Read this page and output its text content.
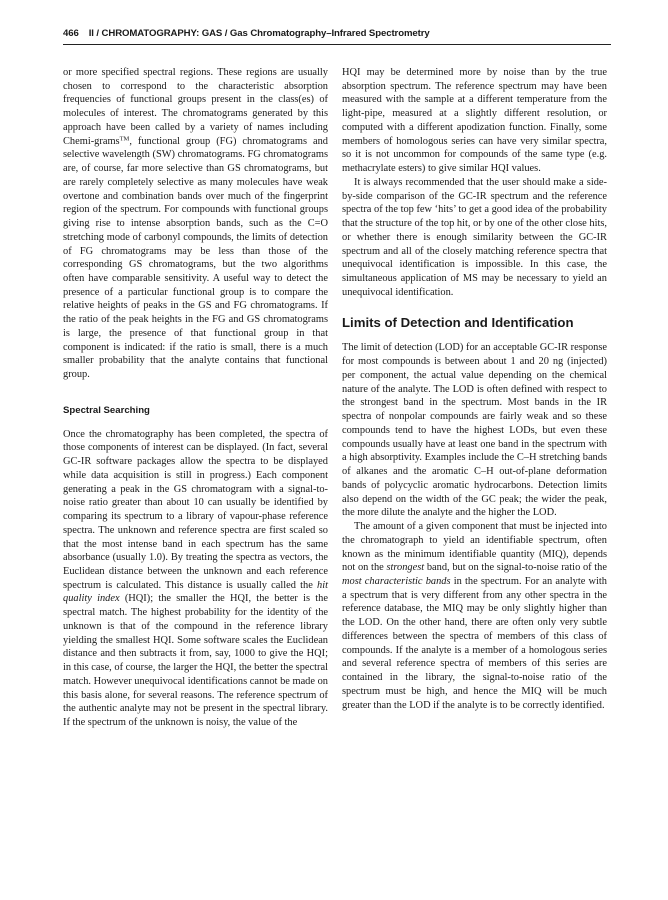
466 II / CHROMATOGRAPHY: GAS / Gas Chromatography–Infrared Spectrometry

or more specified spectral regions. These regions are usually chosen to correspond to the characteristic absorption frequencies of functional groups present in the class(es) of molecules of interest. The chromatograms generated by this approach have been called by a variety of names including Chemi-grams™, functional group (FG) chromatograms and selective wavelength (SW) chromatograms. FG chromatograms are, of course, far more selective than GS chromatograms, but are rarely completely selective as many molecules have weak overtone and combination bands over much of the fingerprint region of the spectrum. For compounds with functional groups giving rise to intense absorption bands, such as the C=O stretching mode of carbonyl compounds, the limits of detection of FG chromatograms may be less than those of the corresponding GS chromatograms, but the two algorithms often have comparable sensitivity. A useful way to detect the presence of a particular functional group is to compare the relative heights of peaks in the GS and FG chromatograms. If the ratio of the peak heights in the FG and GS chromatograms is large, the presence of that functional group in that component is indicated: if the ratio is small, there is a much smaller probability that the analyte contains that functional group.

Spectral Searching

Once the chromatography has been completed, the spectra of those components of interest can be displayed. (In fact, several GC-IR software packages allow the spectra to be displayed while data acquisition is still in progress.) Each component generating a peak in the GS chromatogram with a signal-to-noise ratio greater than about 10 can usually be identified by comparing its spectrum to a library of vapour-phase reference spectra. The unknown and reference spectra are first scaled so that the most intense band in each spectrum has the same absorbance (usually 1.0). By treating the spectra as vectors, the Euclidean distance between the unknown and each reference spectrum is calculated. This distance is usually called the hit quality index (HQI); the smaller the HQI, the better is the spectral match. The highest probability for the identity of the unknown is that of the compound in the reference library yielding the smallest HQI. Some software scales the Euclidean distance and then subtracts it from, say, 1000 to give the HQI; in this case, of course, the larger the HQI, the better the spectral match. However unequivocal identifications cannot be made on this basis alone, for several reasons. The reference spectrum of the authentic analyte may not be present in the spectral library. If the spectrum of the unknown is noisy, the value of the

HQI may be determined more by noise than by the true absorption spectrum. The reference spectrum may have been measured with the sample at a different temperature from the light-pipe, measured at a slightly different resolution, or computed with a different apodization function. Finally, some members of homologous series can have very similar spectra, so it is not uncommon for compounds of the same type (e.g. methacrylate esters) to give similar HQI values.

It is always recommended that the user should make a side-by-side comparison of the GC-IR spectrum and the reference spectra of the top few ‘hits’ to get a good idea of the probability that the structure of the top hit, or by one of the other close hits, or whether there is enough similarity between the GC-IR spectrum and all of the closely matching reference spectra that unequivocal identification is impossible. In this case, the simultaneous application of MS may be necessary to yield an unequivocal identification.

Limits of Detection and Identification

The limit of detection (LOD) for an acceptable GC-IR response for most compounds is between about 1 and 20 ng (injected) per component, the actual value depending on the chemical nature of the analyte. The LOD is often defined with respect to the strongest band in the spectrum. Most bands in the IR spectra of nonpolar compounds are fairly weak and so these compounds tend to have the highest LODs, but even these compounds usually have at least one band in the spectrum with a high absorptivity. Examples include the C–H stretching bands of alkanes and the aromatic C–H out-of-plane deformation bands of polycyclic aromatic hydrocarbons. Detection limits also depend on the width of the GC peak; the wider the peak, the more dilute the analyte and the higher the LOD.

The amount of a given component that must be injected into the chromatograph to yield an identifiable spectrum, often known as the minimum identifiable quantity (MIQ), depends not on the strongest band, but on the signal-to-noise ratio of the most characteristic bands in the spectrum. For an analyte with a spectrum that is very different from any other spectra in the reference database, the MIQ may be only slightly higher than the LOD. On the other hand, there are often only very subtle differences between the spectra of members of this class of compounds. If the analyte is a member of a homologous series and several reference spectra of members of this series are contained in the library, the signal-to-noise ratio of the spectrum must be high, and hence the MIQ will be much greater than the LOD if the analyte is to be correctly identified.
